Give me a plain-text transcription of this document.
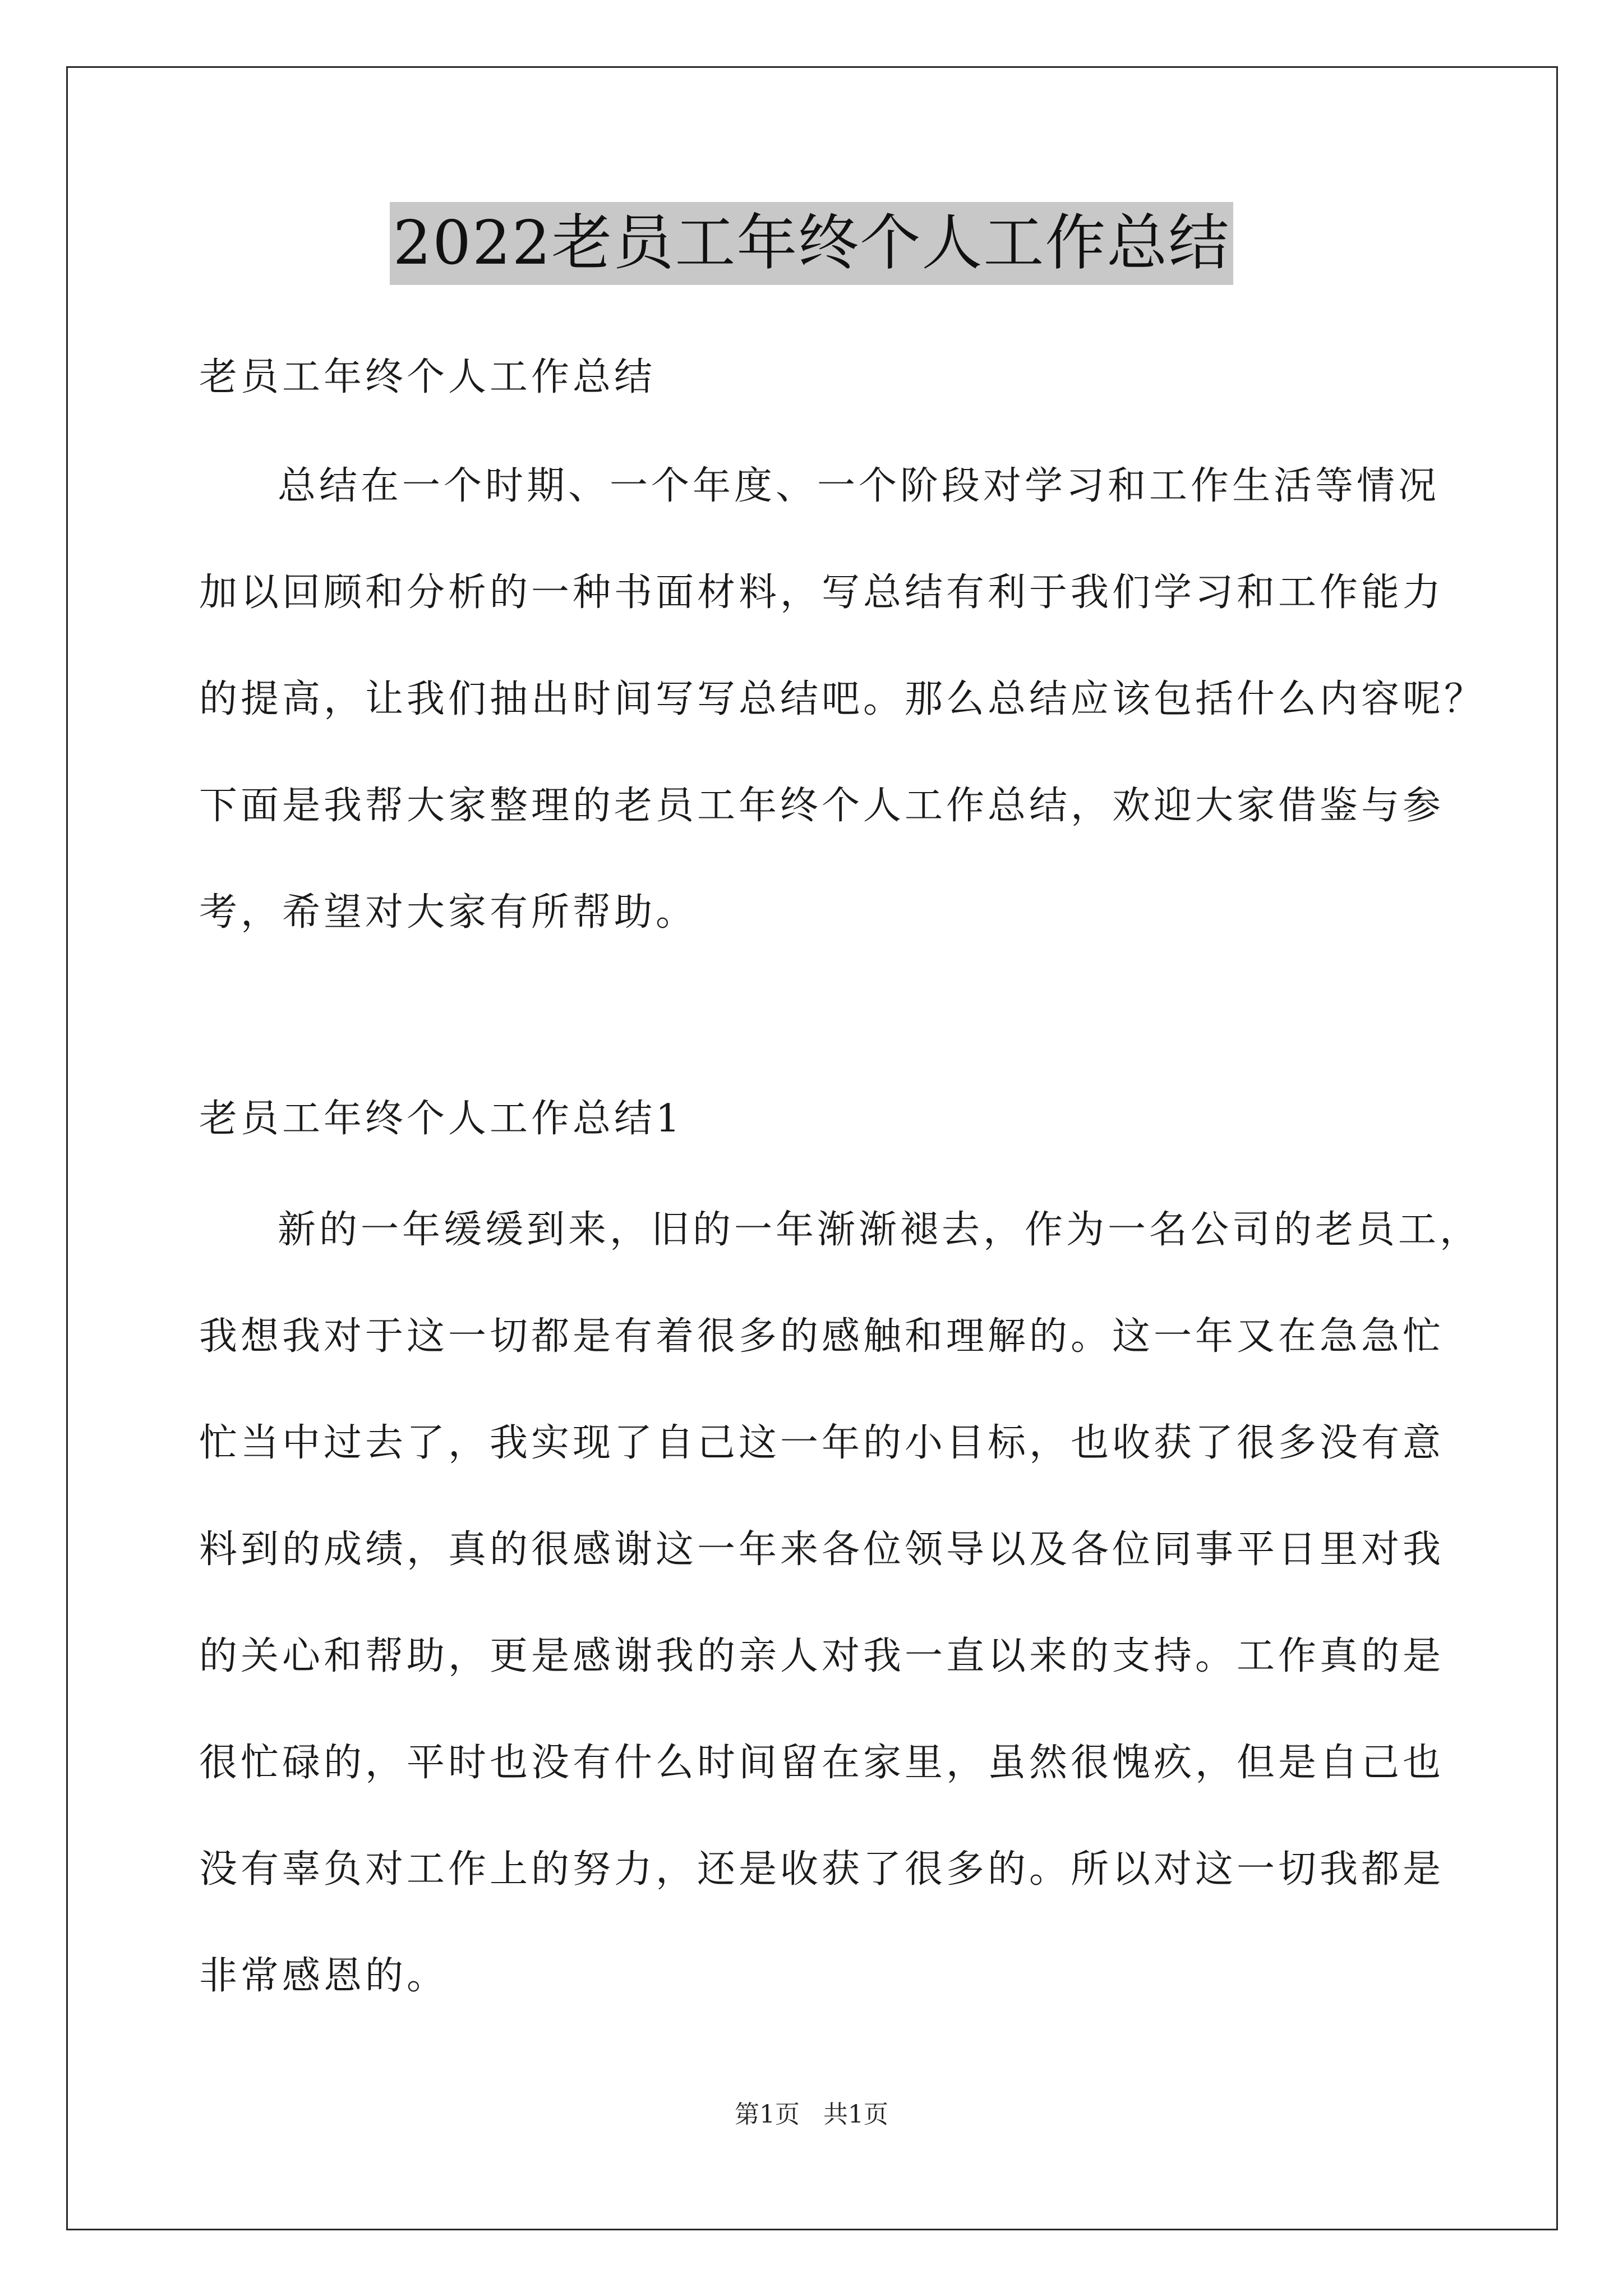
2022老员工年终个人工作总结
老员工年终个人工作总结
总结在一个时期、一个年度、一个阶段对学习和工作生活等情况
加以回顾和分析的一种书面材料，写总结有利于我们学习和工作能力
的提高，让我们抽出时间写写总结吧。那么总结应该包括什么内容呢？
下面是我帮大家整理的老员工年终个人工作总结，欢迎大家借鉴与参
考，希望对大家有所帮助。
老员工年终个人工作总结1
新的一年缓缓到来，旧的一年渐渐褪去，作为一名公司的老员工，
我想我对于这一切都是有着很多的感触和理解的。这一年又在急急忙
忙当中过去了，我实现了自己这一年的小目标，也收获了很多没有意
料到的成绩，真的很感谢这一年来各位领导以及各位同事平日里对我
的关心和帮助，更是感谢我的亲人对我一直以来的支持。工作真的是
很忙碌的，平时也没有什么时间留在家里，虽然很愧疚，但是自己也
没有辜负对工作上的努力，还是收获了很多的。所以对这一切我都是
非常感恩的。
第1页 共1页
